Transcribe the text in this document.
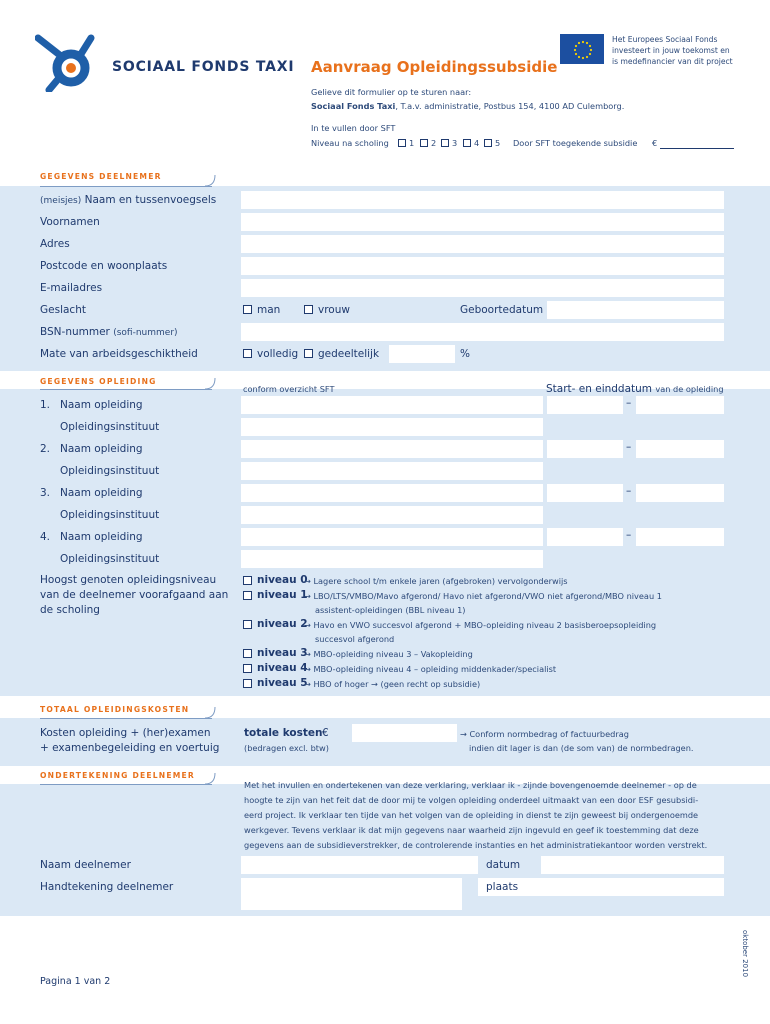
SOCIAAL FONDS TAXI Aanvraag Opleidingssubsidie
Het Europees Sociaal Fonds
investeert in jouw toekomst en
is medefinancier van dit project
Gelieve dit formulier op te sturen naar:
Sociaal Fonds Taxi, T.a.v. administratie, Postbus 154, 4100 AD Culemborg.
In te vullen door SFT
Niveau na scholing 1 2 3 4 5 Door SFT toegekende subsidie €
GEGEVENS DEELNEMER
(meisjes) Naam en tussenvoegsels
Voornamen
Adres
Postcode en woonplaats
E-mailadres
Geslacht	man	vrouw	Geboortedatum
BSN-nummer (sofi-nummer)
Mate van arbeidsgeschiktheid	volledig gedeeltelijk	%
GEGEVENS OPLEIDING
conform overzicht SFT	Start- en einddatum van de opleiding
1. Naam opleiding	–
Opleidingsinstituut
2. Naam opleiding	–
Opleidingsinstituut
3. Naam opleiding	–
Opleidingsinstituut
4. Naam opleiding	–
Opleidingsinstituut
Hoogst genoten opleidingsniveau
van de deelnemer voorafgaand aan
de scholing
niveau 0
→ Lagere school t/m enkele jaren (afgebroken) vervolgonderwijs
niveau 1
→ LBO/LTS/VMBO/Mavo afgerond/ Havo niet afgerond/VWO niet afgerond/MBO niveau 1
assistent-opleidingen (BBL niveau 1)
niveau 2
→ Havo en VWO succesvol afgerond + MBO-opleiding niveau 2 basisberoepsopleiding
succesvol afgerond
niveau 3
→ MBO-opleiding niveau 3 – Vakopleiding
niveau 4
→ MBO-opleiding niveau 4 – opleiding middenkader/specialist
niveau 5
→ HBO of hoger → (geen recht op subsidie)
TOTAAL OPLEIDINGSKOSTEN
Kosten opleiding + (her)examen
+ examenbegeleiding en voertuig
totale kosten €
(bedragen excl. btw)
→ Conform normbedrag of factuurbedrag
indien dit lager is dan (de som van) de normbedragen.
ONDERTEKENING DEELNEMER
Met het invullen en ondertekenen van deze verklaring, verklaar ik - zijnde bovengenoemde deelnemer - op de
hoogte te zijn van het feit dat de door mij te volgen opleiding onderdeel uitmaakt van een door ESF gesubsidi-
eerd project. Ik verklaar ten tijde van het volgen van de opleiding in dienst te zijn geweest bij ondergenoemde
werkgever. Tevens verklaar ik dat mijn gegevens naar waarheid zijn ingevuld en geef ik toestemming dat deze
gegevens aan de subsidieverstrekker, de controlerende instanties en het administratiekantoor worden verstrekt.
Naam deelnemer	datum
Handtekening deelnemer	plaats
Pagina 1 van 2
oktober 2010
